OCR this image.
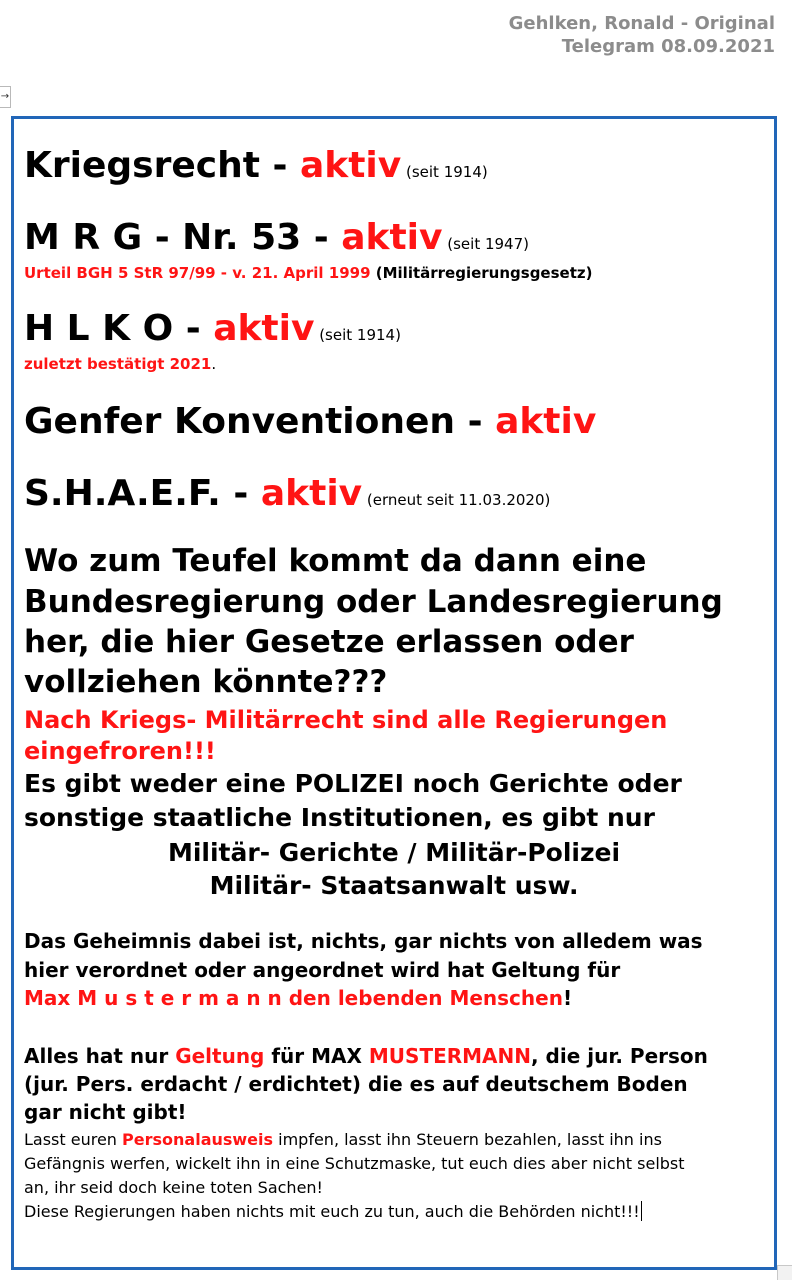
Gehlken, Ronald - Original
Telegram 08.09.2021
→
Kriegsrecht - aktiv (seit 1914)
M R G - Nr. 53 - aktiv (seit 1947)
Urteil BGH 5 StR 97/99 - v. 21. April 1999 (Militärregierungsgesetz)
H L K O - aktiv (seit 1914)
zuletzt bestätigt 2021.
Genfer Konventionen - aktiv
S.H.A.E.F. - aktiv (erneut seit 11.03.2020)
Wo zum Teufel kommt da dann eine
Bundesregierung oder Landesregierung
her, die hier Gesetze erlassen oder
vollziehen könnte???
Nach Kriegs- Militärrecht sind alle Regierungen
eingefroren!!!
Es gibt weder eine POLIZEI noch Gerichte oder
sonstige staatliche Institutionen, es gibt nur
Militär- Gerichte / Militär-Polizei
Militär- Staatsanwalt usw.
Das Geheimnis dabei ist, nichts, gar nichts von alledem was
hier verordnet oder angeordnet wird hat Geltung für
Max M u s t e r m a n n den lebenden Menschen!
Alles hat nur Geltung für MAX MUSTERMANN, die jur. Person
(jur. Pers. erdacht / erdichtet) die es auf deutschem Boden
gar nicht gibt!
Lasst euren Personalausweis impfen, lasst ihn Steuern bezahlen, lasst ihn ins
Gefängnis werfen, wickelt ihn in eine Schutzmaske, tut euch dies aber nicht selbst
an, ihr seid doch keine toten Sachen!
Diese Regierungen haben nichts mit euch zu tun, auch die Behörden nicht!!!
